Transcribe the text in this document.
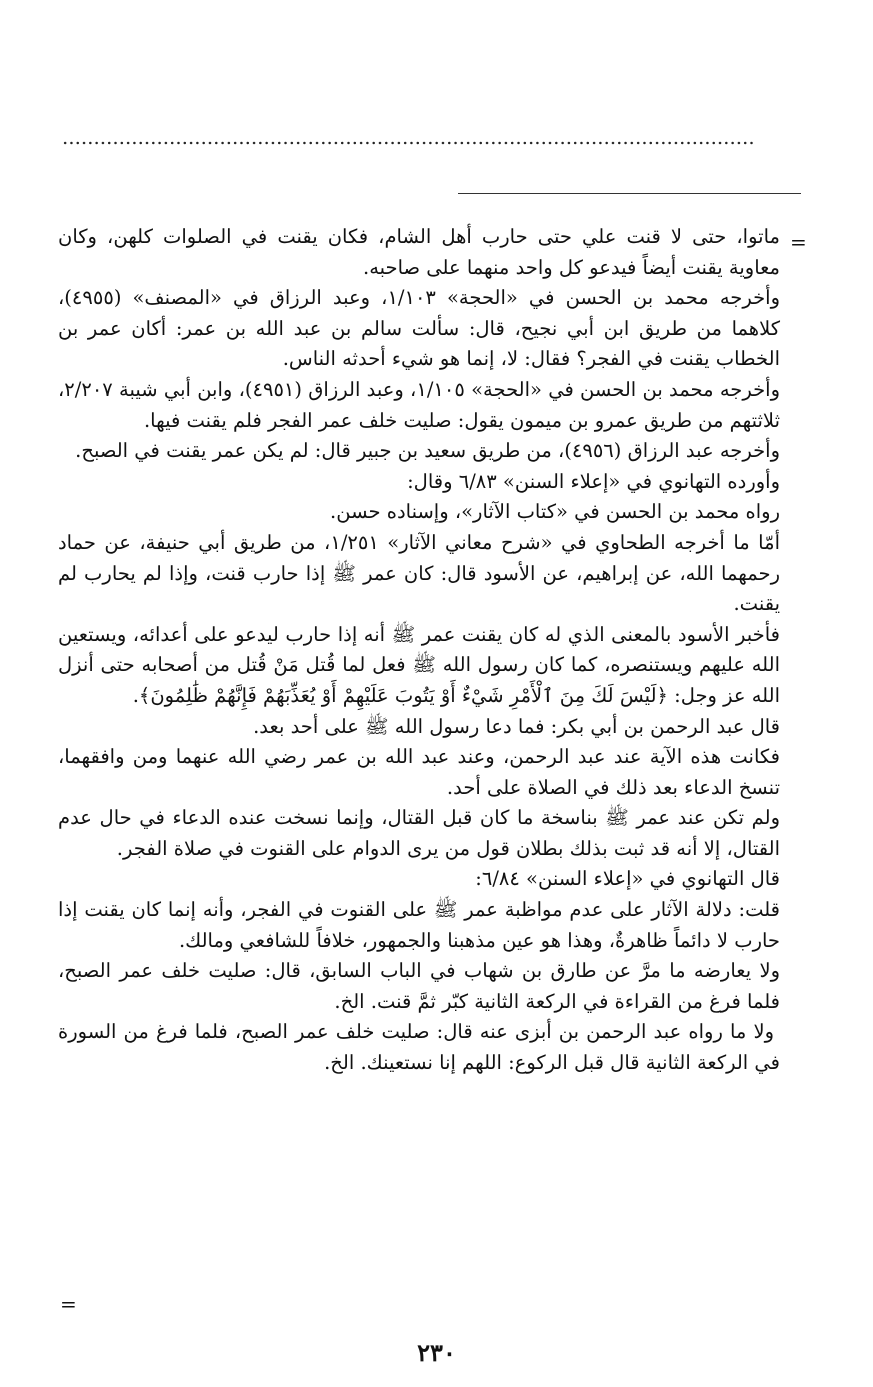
=

ماتوا، حتى لا قنت علي حتى حارب أهل الشام، فكان يقنت في الصلوات كلهن، وكان معاوية يقنت أيضاً فيدعو كل واحد منهما على صاحبه.

وأخرجه محمد بن الحسن في «الحجة» ١/١٠٣، وعبد الرزاق في «المصنف» (٤٩٥٥)، كلاهما من طريق ابن أبي نجيح، قال: سألت سالم بن عبد الله بن عمر: أكان عمر بن الخطاب يقنت في الفجر؟ فقال: لا، إنما هو شيء أحدثه الناس.

وأخرجه محمد بن الحسن في «الحجة» ١/١٠٥، وعبد الرزاق (٤٩٥١)، وابن أبي شيبة ٢/٢٠٧، ثلاثتهم من طريق عمرو بن ميمون يقول: صليت خلف عمر الفجر فلم يقنت فيها.

وأخرجه عبد الرزاق (٤٩٥٦)، من طريق سعيد بن جبير قال: لم يكن عمر يقنت في الصبح.

وأورده التهانوي في «إعلاء السنن» ٦/٨٣ وقال:

رواه محمد بن الحسن في «كتاب الآثار»، وإسناده حسن.

أمّا ما أخرجه الطحاوي في «شرح معاني الآثار» ١/٢٥١، من طريق أبي حنيفة، عن حماد رحمهما الله، عن إبراهيم، عن الأسود قال: كان عمر ﷺ إذا حارب قنت، وإذا لم يحارب لم يقنت.

فأخبر الأسود بالمعنى الذي له كان يقنت عمر ﷺ أنه إذا حارب ليدعو على أعدائه، ويستعين الله عليهم ويستنصره، كما كان رسول الله ﷺ فعل لما قُتل مَنْ قُتل من أصحابه حتى أنزل الله عز وجل: ﴿لَيْسَ لَكَ مِنَ ٱلْأَمْرِ شَيْءٌ أَوْ يَتُوبَ عَلَيْهِمْ أَوْ يُعَذِّبَهُمْ فَإِنَّهُمْ ظَٰلِمُونَ﴾.

قال عبد الرحمن بن أبي بكر: فما دعا رسول الله ﷺ على أحد بعد.

فكانت هذه الآية عند عبد الرحمن، وعند عبد الله بن عمر رضي الله عنهما ومن وافقهما، تنسخ الدعاء بعد ذلك في الصلاة على أحد.

ولم تكن عند عمر ﷺ بناسخة ما كان قبل القتال، وإنما نسخت عنده الدعاء في حال عدم القتال، إلا أنه قد ثبت بذلك بطلان قول من يرى الدوام على القنوت في صلاة الفجر.

قال التهانوي في «إعلاء السنن» ٦/٨٤:

قلت: دلالة الآثار على عدم مواظبة عمر ﷺ على القنوت في الفجر، وأنه إنما كان يقنت إذا حارب لا دائماً ظاهرةٌ، وهذا هو عين مذهبنا والجمهور، خلافاً للشافعي ومالك.

ولا يعارضه ما مرَّ عن طارق بن شهاب في الباب السابق، قال: صليت خلف عمر الصبح، فلما فرغ من القراءة في الركعة الثانية كبّر ثمَّ قنت. الخ.

ولا ما رواه عبد الرحمن بن أبزى عنه قال: صليت خلف عمر الصبح، فلما فرغ من السورة في الركعة الثانية قال قبل الركوع: اللهم إنا نستعينك. الخ.

=
٢٣٠
